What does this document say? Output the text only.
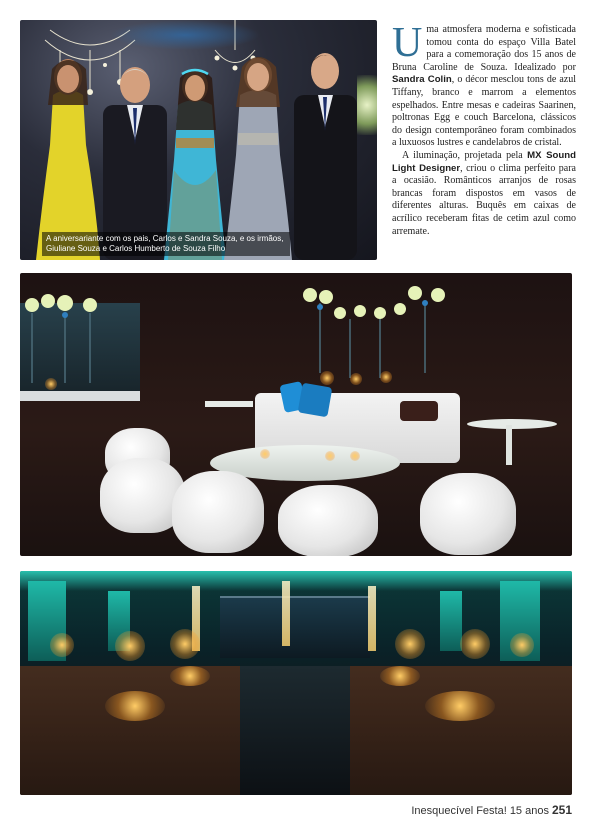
A aniversariante com os pais, Carlos e Sandra Souza, e os irmãos, Giuliane Souza e Carlos Humberto de Souza Filho

Uma atmosfera moderna e sofisticada tomou conta do espaço Villa Batel para a comemoração dos 15 anos de Bruna Caroline de Souza. Idealizado por Sandra Colin, o décor mesclou tons de azul Tiffany, branco e marrom a elementos espelhados. Entre mesas e cadeiras Saarinen, poltronas Egg e couch Barcelona, clássicos do design contemporâneo foram combinados a luxuosos lustres e candelabros de cristal.

A iluminação, projetada pela MX Sound Light Designer, criou o clima perfeito para a ocasião. Românticos arranjos de rosas brancas foram dispostos em vasos de diferentes alturas. Buquês em caixas de acrílico receberam fitas de cetim azul como arremate.

Inesquecível Festa! 15 anos 251
